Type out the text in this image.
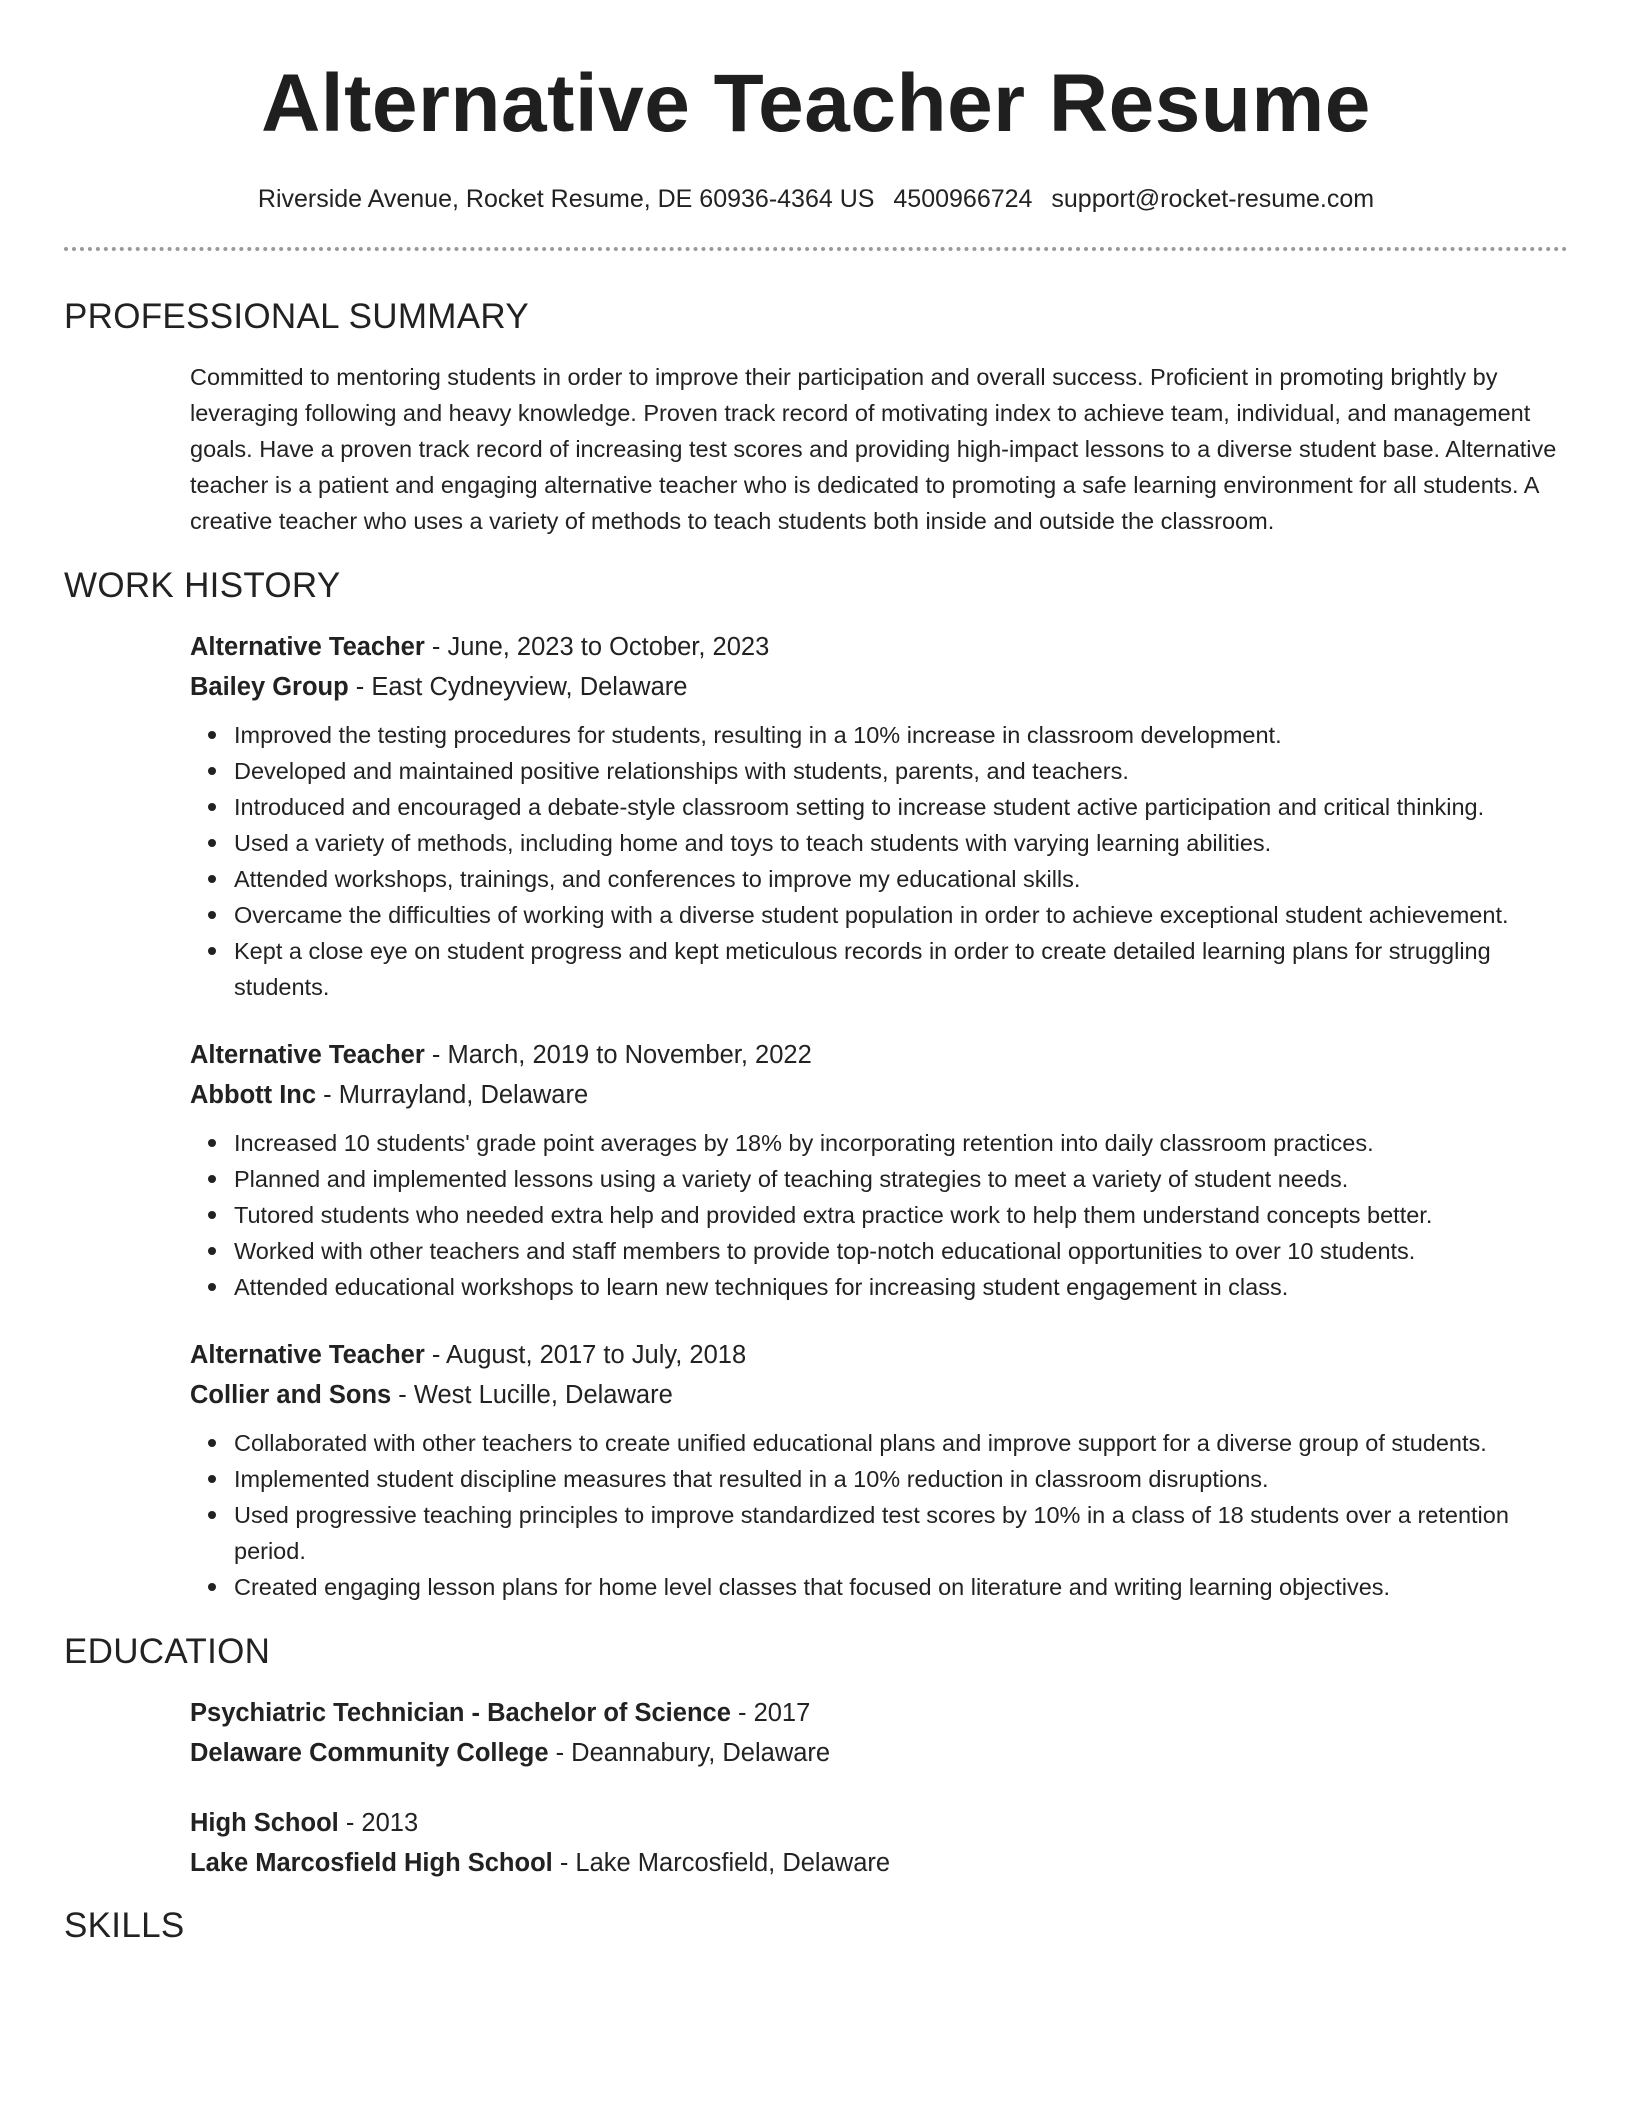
Alternative Teacher Resume
Riverside Avenue, Rocket Resume, DE 60936-4364 US 4500966724 support@rocket-resume.com
PROFESSIONAL SUMMARY

Committed to mentoring students in order to improve their participation and overall success. Proficient in promoting brightly by leveraging following and heavy knowledge. Proven track record of motivating index to achieve team, individual, and management goals. Have a proven track record of increasing test scores and providing high-impact lessons to a diverse student base. Alternative teacher is a patient and engaging alternative teacher who is dedicated to promoting a safe learning environment for all students. A creative teacher who uses a variety of methods to teach students both inside and outside the classroom.

WORK HISTORY
Alternative Teacher - June, 2023 to October, 2023
Bailey Group - East Cydneyview, Delaware
Improved the testing procedures for students, resulting in a 10% increase in classroom development.
Developed and maintained positive relationships with students, parents, and teachers.
Introduced and encouraged a debate-style classroom setting to increase student active participation and critical thinking.
Used a variety of methods, including home and toys to teach students with varying learning abilities.
Attended workshops, trainings, and conferences to improve my educational skills.
Overcame the difficulties of working with a diverse student population in order to achieve exceptional student achievement.
Kept a close eye on student progress and kept meticulous records in order to create detailed learning plans for struggling students.
Alternative Teacher - March, 2019 to November, 2022
Abbott Inc - Murrayland, Delaware
Increased 10 students' grade point averages by 18% by incorporating retention into daily classroom practices.
Planned and implemented lessons using a variety of teaching strategies to meet a variety of student needs.
Tutored students who needed extra help and provided extra practice work to help them understand concepts better.
Worked with other teachers and staff members to provide top-notch educational opportunities to over 10 students.
Attended educational workshops to learn new techniques for increasing student engagement in class.
Alternative Teacher - August, 2017 to July, 2018
Collier and Sons - West Lucille, Delaware
Collaborated with other teachers to create unified educational plans and improve support for a diverse group of students.
Implemented student discipline measures that resulted in a 10% reduction in classroom disruptions.
Used progressive teaching principles to improve standardized test scores by 10% in a class of 18 students over a retention period.
Created engaging lesson plans for home level classes that focused on literature and writing learning objectives.
EDUCATION
Psychiatric Technician - Bachelor of Science - 2017
Delaware Community College - Deannabury, Delaware
High School - 2013
Lake Marcosfield High School - Lake Marcosfield, Delaware
SKILLS
